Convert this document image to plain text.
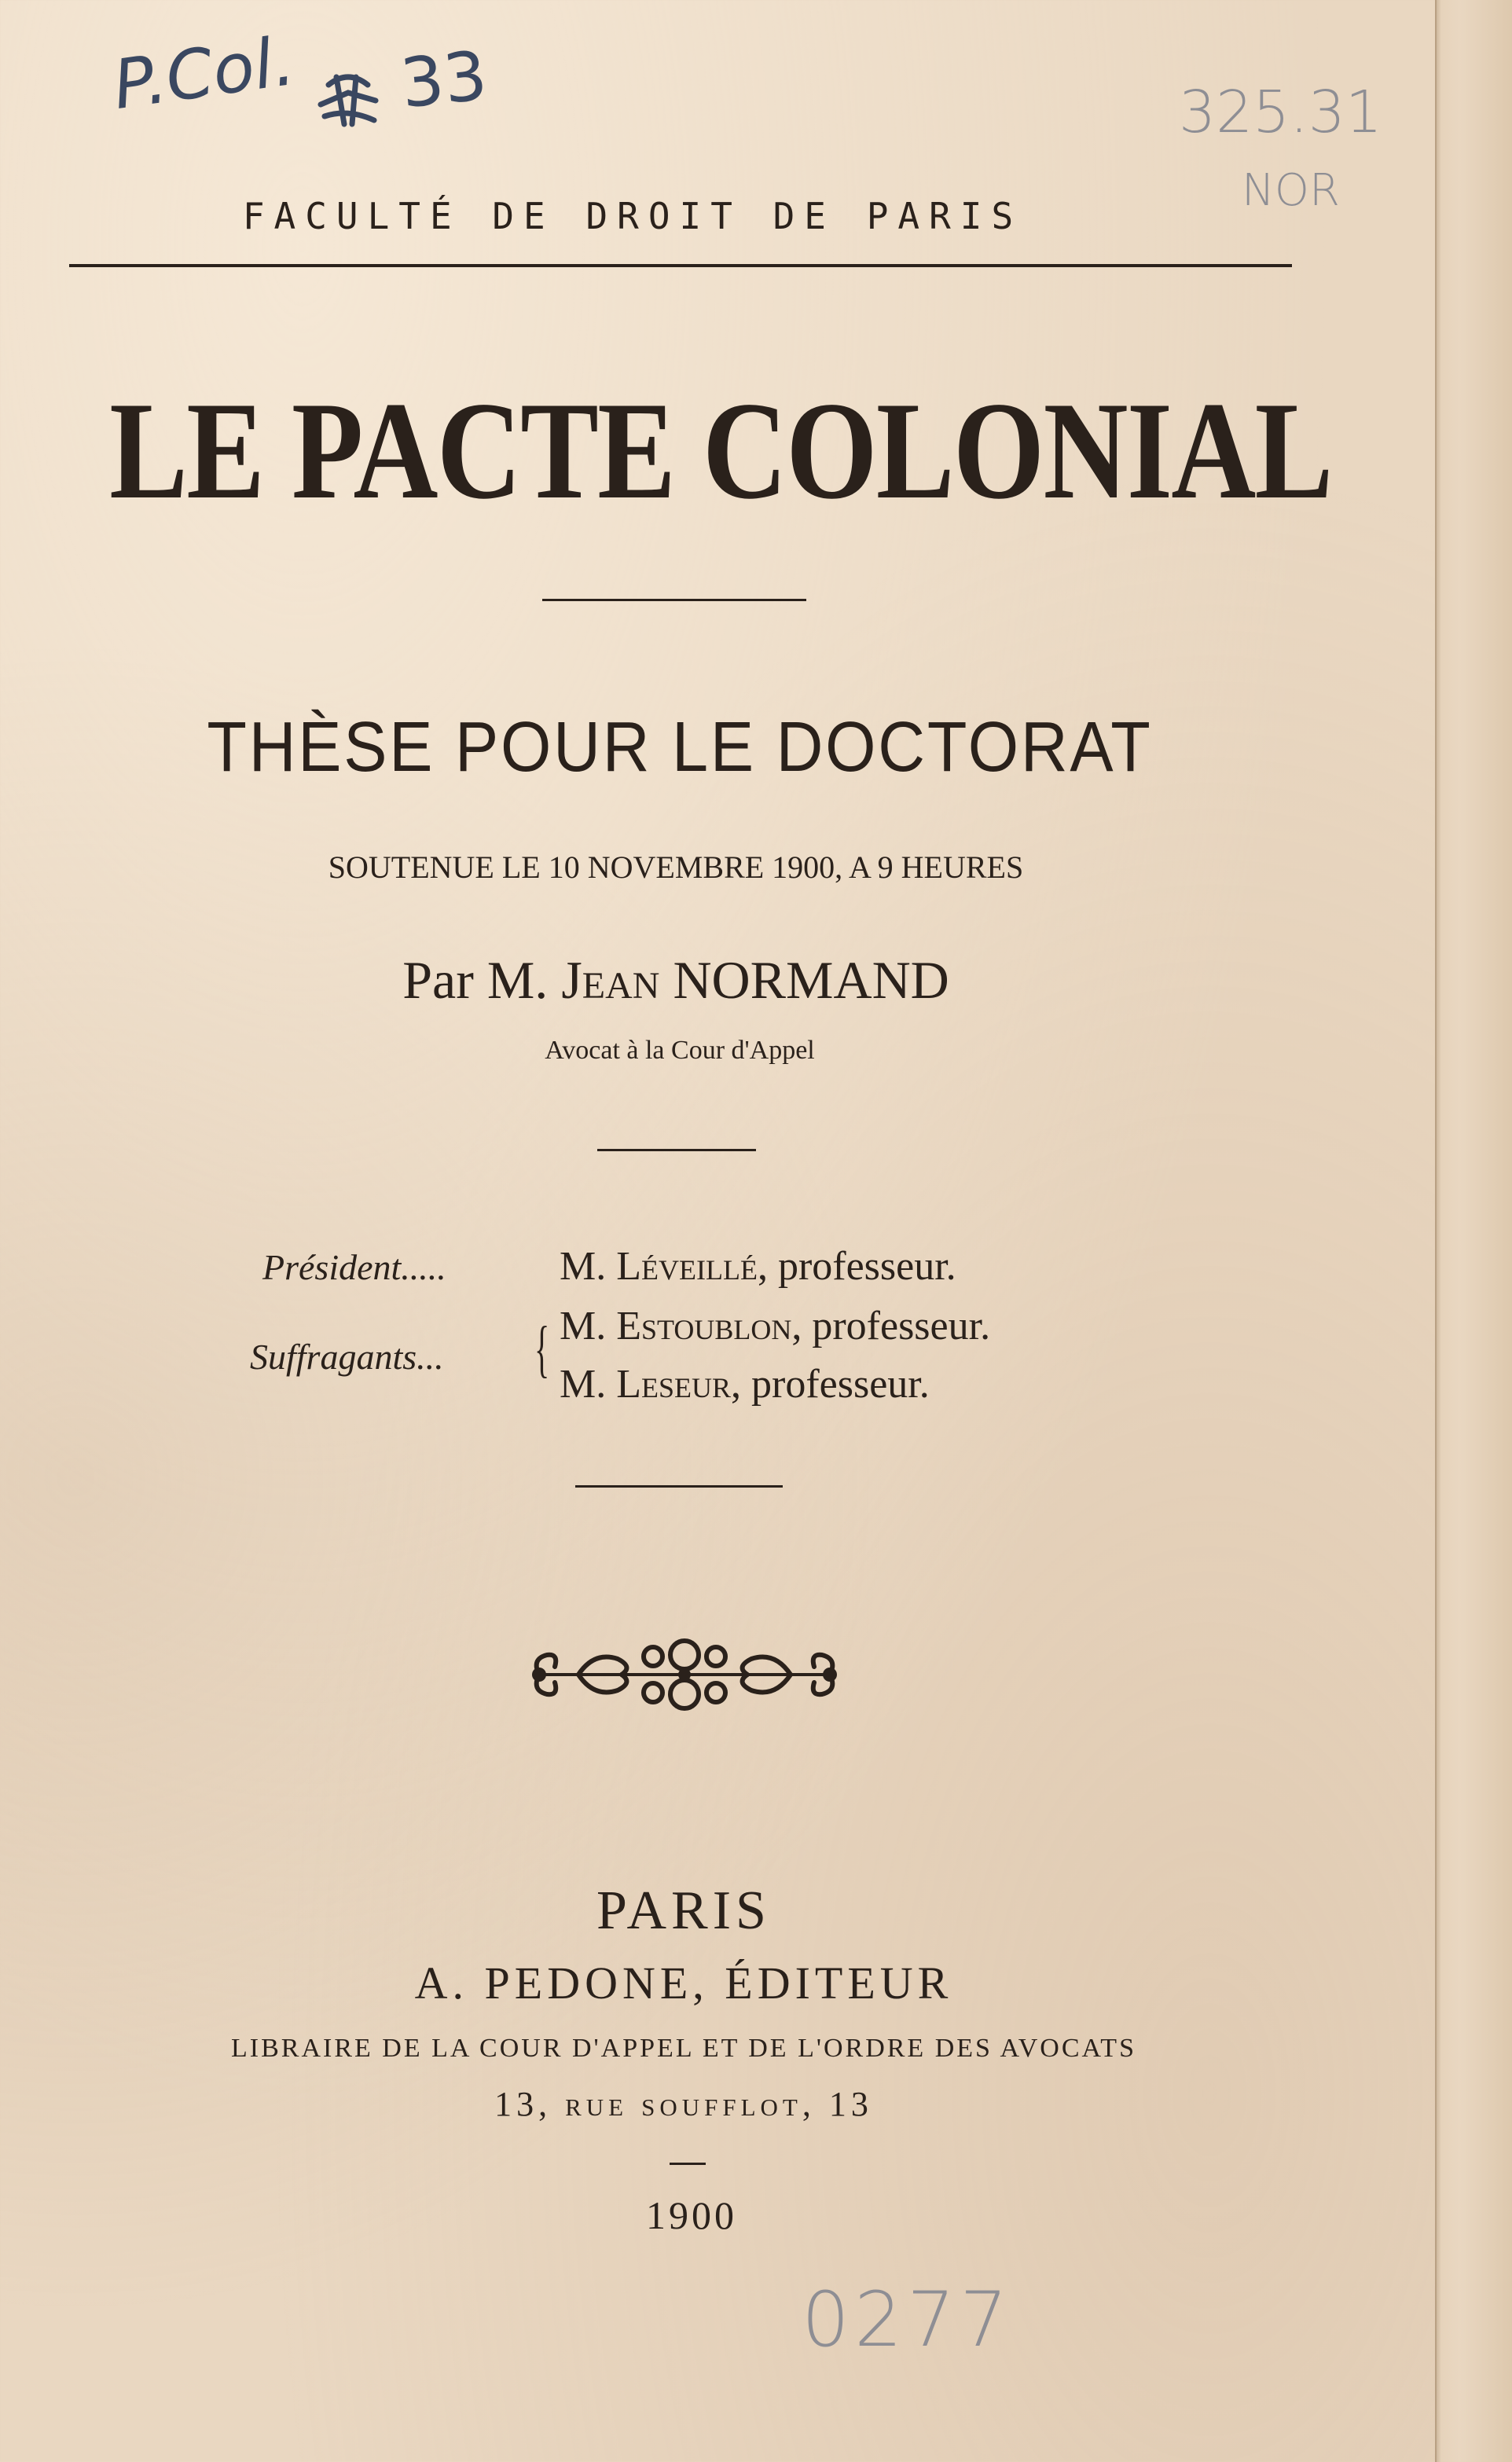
P.Col. 33	325.31
NOR
FACULTÉ DE DROIT DE PARIS
LE PACTE COLONIAL
THÈSE POUR LE DOCTORAT
SOUTENUE LE 10 NOVEMBRE 1900, A 9 HEURES
Par M. Jean NORMAND
Avocat à la Cour d'Appel
Président.....	M. Léveillé, professeur.
Suffragants... { M. Estoublon, professeur.
M. Leseur, professeur.
PARIS
A. PEDONE, ÉDITEUR
LIBRAIRE DE LA COUR D'APPEL ET DE L'ORDRE DES AVOCATS
13, rue soufflot, 13
1900
0277
